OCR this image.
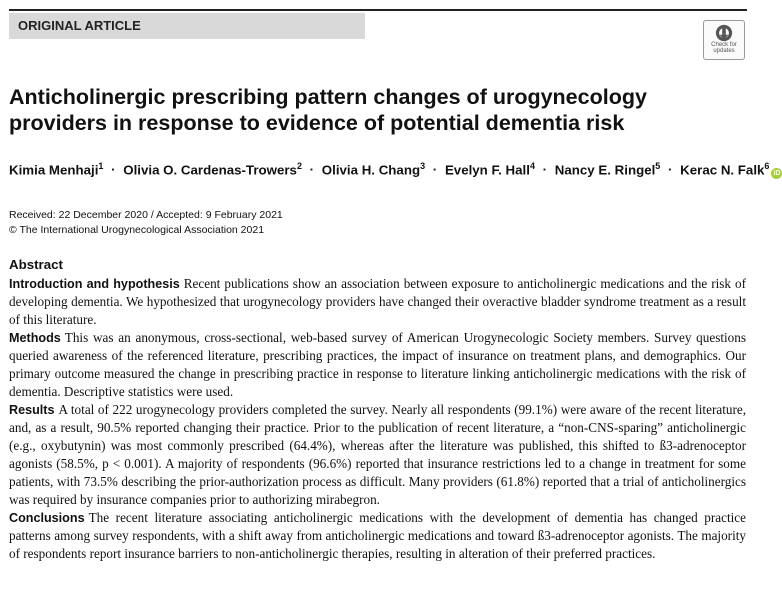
ORIGINAL ARTICLE
Check for
updates
Anticholinergic prescribing pattern changes of urogynecology providers in response to evidence of potential dementia risk
Kimia Menhaji$^1$ · Olivia O. Cardenas-Trowers$^2$ · Olivia H. Chang$^3$ · Evelyn F. Hall$^4$ · Nancy E. Ringel$^5$ · Kerac N. Falk$^6$iD
Received: 22 December 2020 / Accepted: 9 February 2021
© The International Urogynecological Association 2021
Abstract

Introduction and hypothesis Recent publications show an association between exposure to anticholinergic medications and the risk of developing dementia. We hypothesized that urogynecology providers have changed their overactive bladder syndrome treatment as a result of this literature.

Methods This was an anonymous, cross-sectional, web-based survey of American Urogynecologic Society members. Survey questions queried awareness of the referenced literature, prescribing practices, the impact of insurance on treatment plans, and demographics. Our primary outcome measured the change in prescribing practice in response to literature linking anticholinergic medications with the risk of dementia. Descriptive statistics were used.

Results A total of 222 urogynecology providers completed the survey. Nearly all respondents (99.1%) were aware of the recent literature, and, as a result, 90.5% reported changing their practice. Prior to the publication of recent literature, a “non-CNS-sparing” anticholinergic (e.g., oxybutynin) was most commonly prescribed (64.4%), whereas after the literature was published, this shifted to ß3-adrenoceptor agonists (58.5%, p < 0.001). A majority of respondents (96.6%) reported that insurance restrictions led to a change in treatment for some patients, with 73.5% describing the prior-authorization process as difficult. Many providers (61.8%) reported that a trial of anticholinergics was required by insurance companies prior to authorizing mirabegron.

Conclusions The recent literature associating anticholinergic medications with the development of dementia has changed practice patterns among survey respondents, with a shift away from anticholinergic medications and toward ß3-adrenoceptor agonists. The majority of respondents report insurance barriers to non-anticholinergic therapies, resulting in alteration of their preferred practices.
